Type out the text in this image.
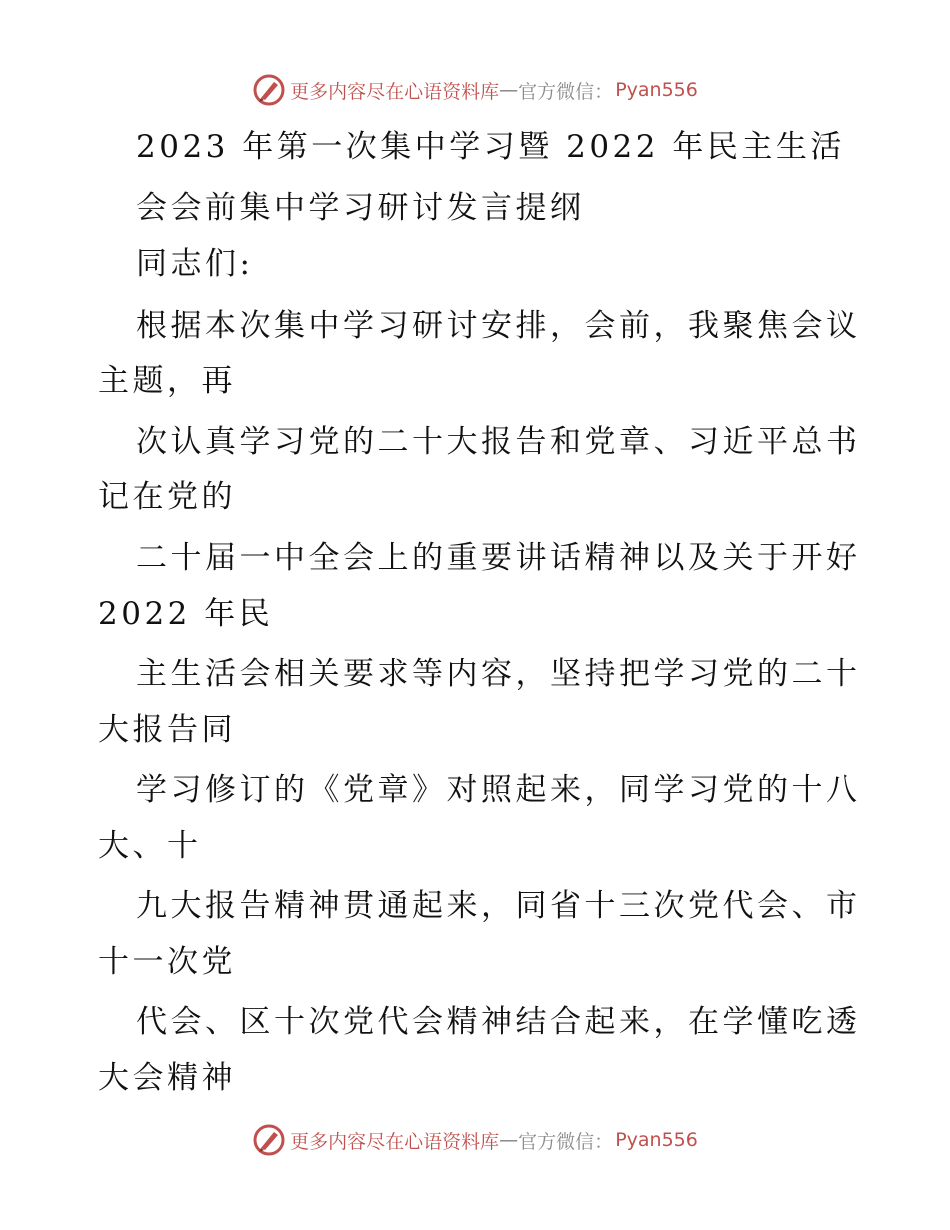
更多内容尽在心语资料库 — 官方微信： Pyan556
2023 年第一次集中学习暨 2022 年民主生活
会会前集中学习研讨发言提纲
同志们:
根据本次集中学习研讨安排，会前，我聚焦会议
主题，再
次认真学习党的二十大报告和党章、习近平总书
记在党的
二十届一中全会上的重要讲话精神以及关于开好
2022 年民
主生活会相关要求等内容，坚持把学习党的二十
大报告同
学习修订的《党章》对照起来，同学习党的十八
大、十
九大报告精神贯通起来，同省十三次党代会、市
十一次党
代会、区十次党代会精神结合起来，在学懂吃透
大会精神
更多内容尽在心语资料库 — 官方微信： Pyan556
